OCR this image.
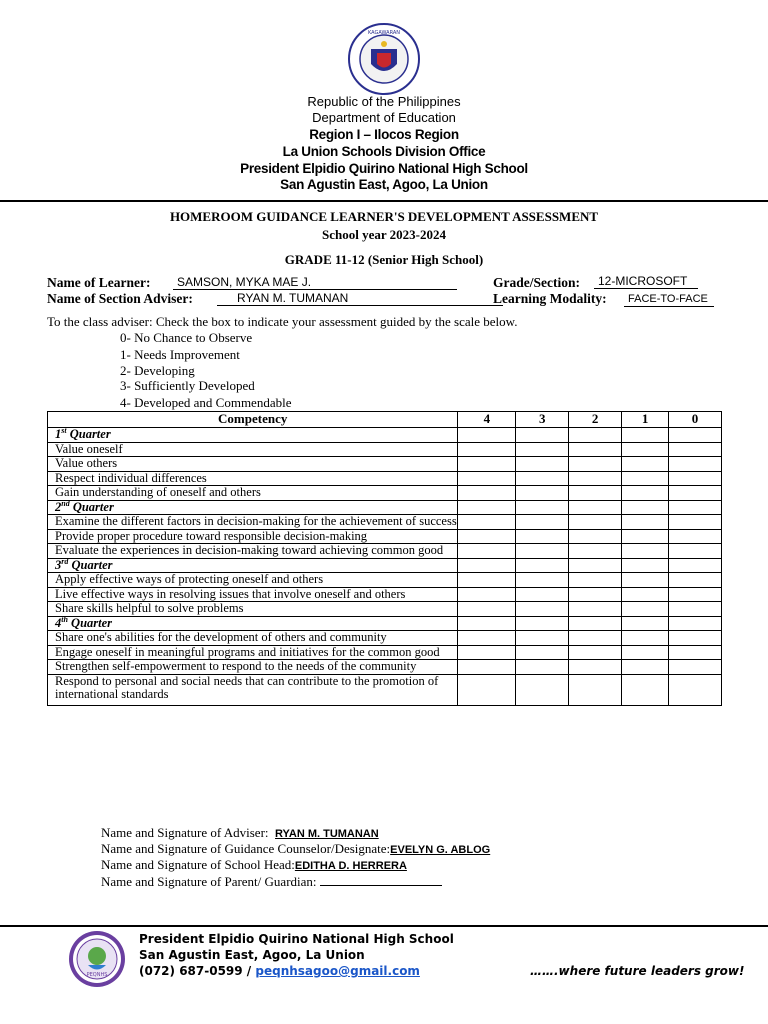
KAGAWARAN
Republic of the Philippines
Department of Education
Region I – Ilocos Region
La Union Schools Division Office
President Elpidio Quirino National High School
San Agustin East, Agoo, La Union
HOMEROOM GUIDANCE LEARNER'S DEVELOPMENT ASSESSMENT
School year 2023-2024
GRADE 11-12 (Senior High School)
Name of Learner:	SAMSON, MYKA MAE J.	Grade/Section:	12-MICROSOFT
Name of Section Adviser:	RYAN M. TUMANAN	Learning Modality:	FACE-TO-FACE
To the class adviser: Check the box to indicate your assessment guided by the scale below.
0- No Chance to Observe
1- Needs Improvement
2- Developing
3- Sufficiently Developed
4- Developed and Commendable
Competency	4	3	2	1	0
1st Quarter					
Value oneself					
Value others					
Respect individual differences					
Gain understanding of oneself and others					
2nd Quarter					
Examine the different factors in decision-making for the achievement of success					
Provide proper procedure toward responsible decision-making					
Evaluate the experiences in decision-making toward achieving common good					
3rd Quarter					
Apply effective ways of protecting oneself and others					
Live effective ways in resolving issues that involve oneself and others					
Share skills helpful to solve problems					
4th Quarter					
Share one's abilities for the development of others and community					
Engage oneself in meaningful programs and initiatives for the common good					
Strengthen self-empowerment to respond to the needs of the community					
Respond to personal and social needs that can contribute to the promotion of international standards					
Name and Signature of Adviser: RYAN M. TUMANAN
Name and Signature of Guidance Counselor/Designate:EVELYN G. ABLOG
Name and Signature of School Head:EDITHA D. HERRERA
Name and Signature of Parent/ Guardian:
PEQNHS
President Elpidio Quirino National High School
San Agustin East, Agoo, La Union
(072) 687-0599 / peqnhsagoo@gmail.com	…….where future leaders grow!
